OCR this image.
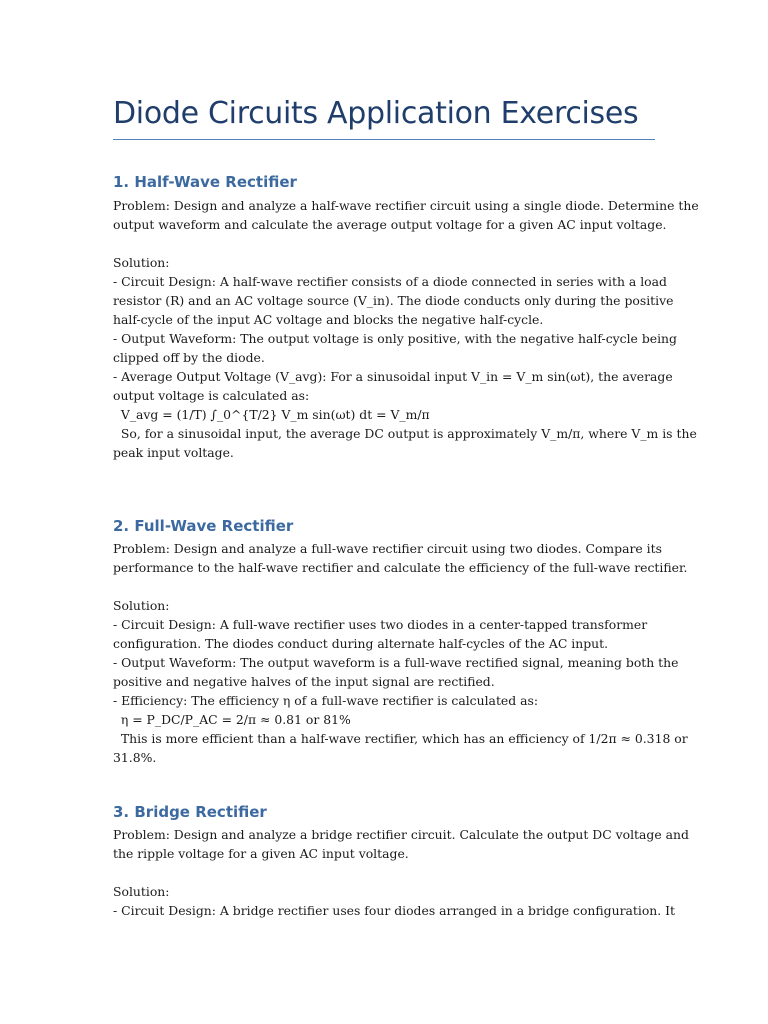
Diode Circuits Application Exercises
1. Half-Wave Rectifier
Problem: Design and analyze a half-wave rectifier circuit using a single diode. Determine the
output waveform and calculate the average output voltage for a given AC input voltage.
Solution:
- Circuit Design: A half-wave rectifier consists of a diode connected in series with a load
resistor (R) and an AC voltage source (V_in). The diode conducts only during the positive
half-cycle of the input AC voltage and blocks the negative half-cycle.
- Output Waveform: The output voltage is only positive, with the negative half-cycle being
clipped off by the diode.
- Average Output Voltage (V_avg): For a sinusoidal input V_in = V_m sin(ωt), the average
output voltage is calculated as:
V_avg = (1/T) ∫_0^{T/2} V_m sin(ωt) dt = V_m/π
So, for a sinusoidal input, the average DC output is approximately V_m/π, where V_m is the
peak input voltage.
2. Full-Wave Rectifier
Problem: Design and analyze a full-wave rectifier circuit using two diodes. Compare its
performance to the half-wave rectifier and calculate the efficiency of the full-wave rectifier.
Solution:
- Circuit Design: A full-wave rectifier uses two diodes in a center-tapped transformer
configuration. The diodes conduct during alternate half-cycles of the AC input.
- Output Waveform: The output waveform is a full-wave rectified signal, meaning both the
positive and negative halves of the input signal are rectified.
- Efficiency: The efficiency η of a full-wave rectifier is calculated as:
η = P_DC/P_AC = 2/π ≈ 0.81 or 81%
This is more efficient than a half-wave rectifier, which has an efficiency of 1/2π ≈ 0.318 or
31.8%.
3. Bridge Rectifier
Problem: Design and analyze a bridge rectifier circuit. Calculate the output DC voltage and
the ripple voltage for a given AC input voltage.
Solution:
- Circuit Design: A bridge rectifier uses four diodes arranged in a bridge configuration. It
